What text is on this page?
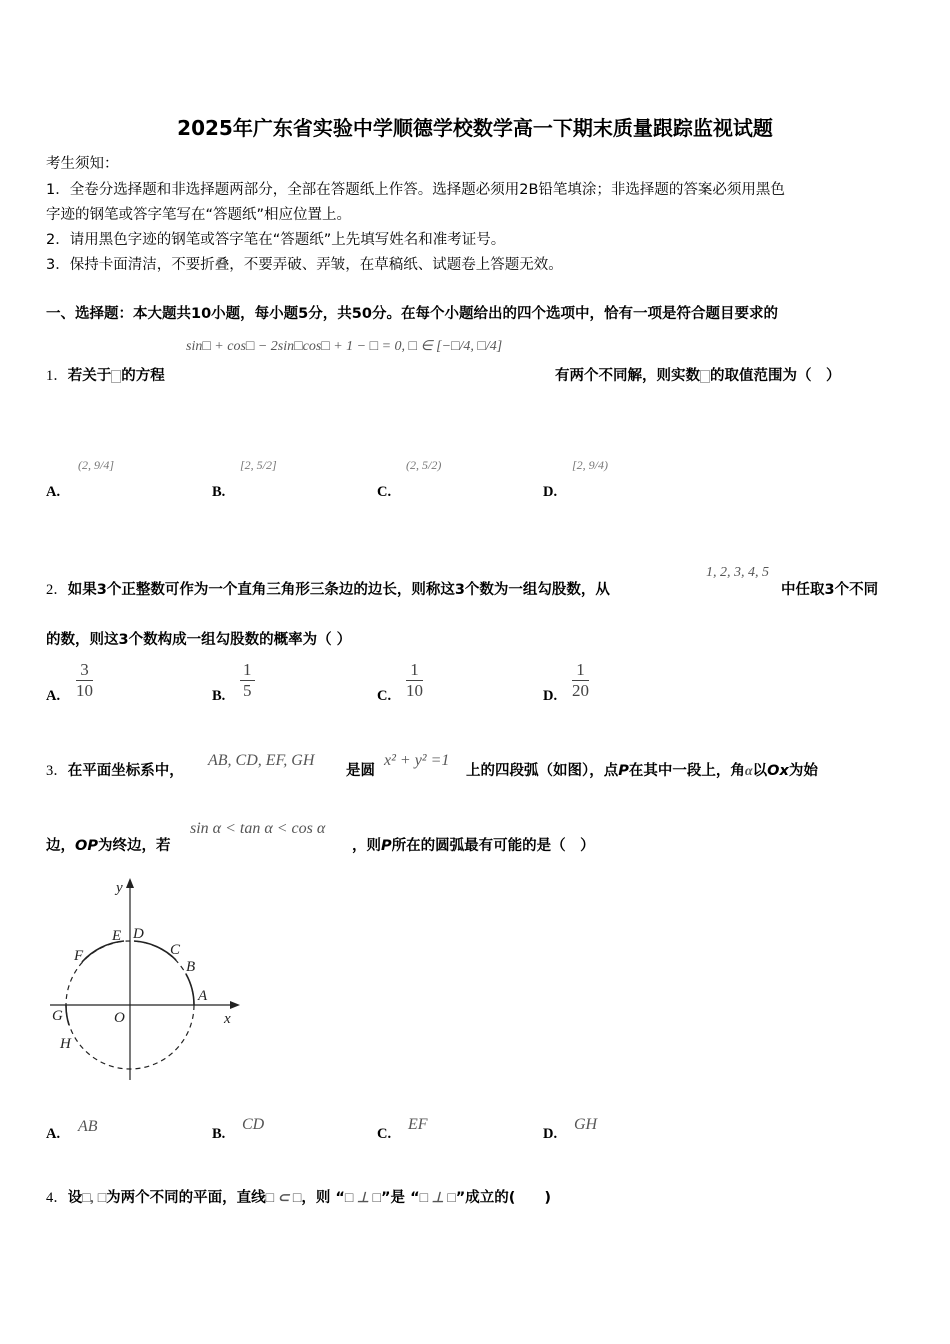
2025年广东省实验中学顺德学校数学高一下期末质量跟踪监视试题
考生须知：
1．全卷分选择题和非选择题两部分，全部在答题纸上作答。选择题必须用2B铅笔填涂；非选择题的答案必须用黑色
字迹的钢笔或答字笔写在“答题纸”相应位置上。
2．请用黑色字迹的钢笔或答字笔在“答题纸”上先填写姓名和准考证号。
3．保持卡面清洁，不要折叠，不要弄破、弄皱，在草稿纸、试题卷上答题无效。
一、选择题：本大题共10小题，每小题5分，共50分。在每个小题给出的四个选项中，恰有一项是符合题目要求的
sin□ + cos□ − 2sin□cos□ + 1 − □ = 0, □ ∈ [−□/4, □/4]
1．若关于 的方程	有两个不同解，则实数 的取值范围为（　）
(2, 9/4]	[2, 5/2]	(2, 5/2)	[2, 9/4)
A.	B.	C.	D.
1, 2, 3, 4, 5
2．如果3个正整数可作为一个直角三角形三条边的边长，则称这3个数为一组勾股数，从	中任取3个不同
的数，则这3个数构成一组勾股数的概率为（ ）
A. $\frac{3}{10}$	B. $\frac{1}{5}$	C. $\frac{1}{10}$	D. $\frac{1}{20}$
3．在平面坐标系中，
AB, CD, EF, GH
是圆
x² + y² =1
上的四段弧（如图），点P在其中一段上，角α以Ox为始
边，OP为终边，若
sin α < tan α < cos α
，则P所在的圆弧最有可能的是（　）
y
x
O
A
B
C
D
E
F
G
H
A. AB	B.
CD
C.
EF
D.
GH
4．设□, □为两个不同的平面，直线□ ⊂ □，则 “□ ⊥ □”是 “□ ⊥ □”成立的(　　)
